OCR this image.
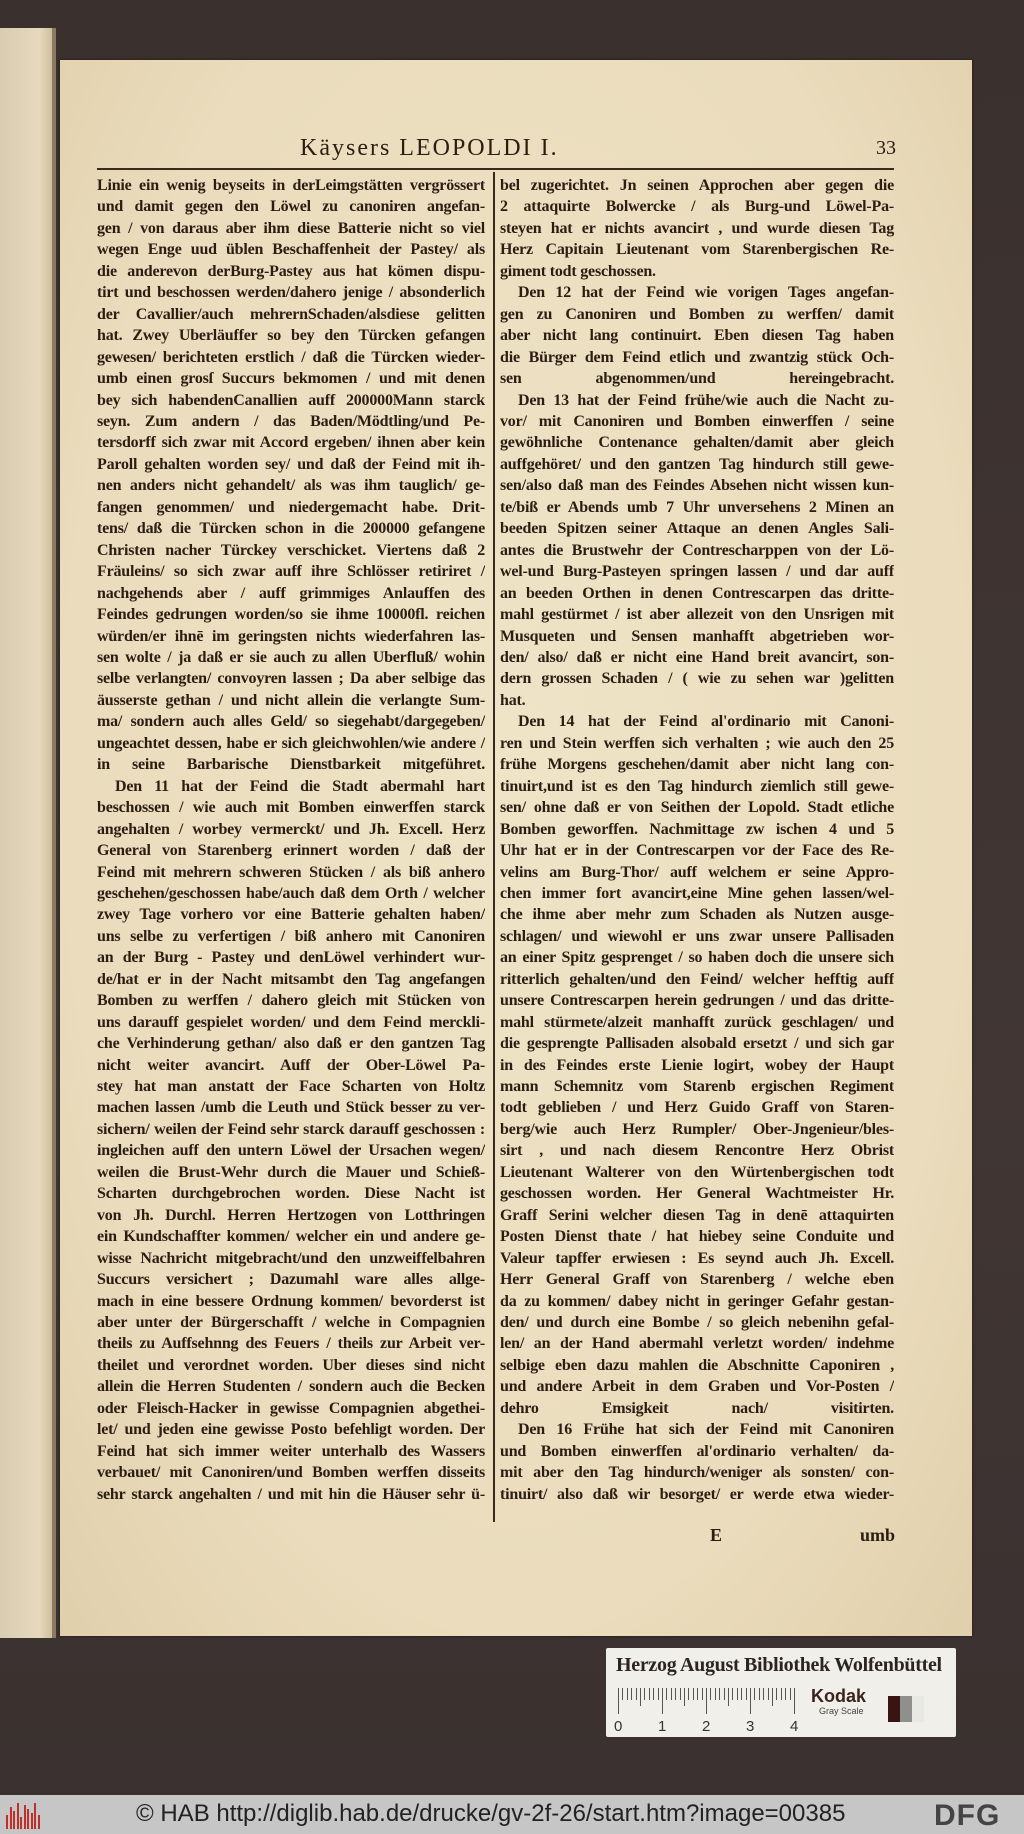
Käysers LEOPOLDI I.	33
Linie ein wenig beyseits in derLeimgstätten vergrössert
und damit gegen den Löwel zu canoniren angefan-
gen / von daraus aber ihm diese Batterie nicht so viel
wegen Enge uud üblen Beschaffenheit der Pastey/ als
die anderevon derBurg-Pastey aus hat kömen dispu-
tirt und beschossen werden/dahero jenige / absonderlich
der Cavallier/auch mehrernSchaden/alsdiese gelitten
hat. Zwey Uberläuffer so bey den Türcken gefangen
gewesen/ berichteten erstlich / daß die Türcken wieder-
umb einen grosſ Succurs bekmomen / und mit denen
bey sich habendenCanallien auff 200000Mann starck
seyn. Zum andern / das Baden/Mödtling/und Pe-
tersdorff sich zwar mit Accord ergeben/ ihnen aber kein
Paroll gehalten worden sey/ und daß der Feind mit ih-
nen anders nicht gehandelt/ als was ihm tauglich/ ge-
fangen genommen/ und niedergemacht habe. Drit-
tens/ daß die Türcken schon in die 200000 gefangene
Christen nacher Türckey verschicket. Viertens daß 2
Fräuleins/ so sich zwar auff ihre Schlösser retiriret /
nachgehends aber / auff grimmiges Anlauffen des
Feindes gedrungen worden/so sie ihme 10000fl. reichen
würden/er ihnē im geringsten nichts wiederfahren las-
sen wolte / ja daß er sie auch zu allen Uberfluß/ wohin
selbe verlangten/ convoyren lassen ; Da aber selbige das
äusserste gethan / und nicht allein die verlangte Sum-
ma/ sondern auch alles Geld/ so siegehabt/dargegeben/
ungeachtet dessen, habe er sich gleichwohlen/wie andere /
in seine Barbarische Dienstbarkeit mitgeführet.
Den 11 hat der Feind die Stadt abermahl hart
beschossen / wie auch mit Bomben einwerffen starck
angehalten / worbey vermerckt/ und Jh. Excell. Herz
General von Starenberg erinnert worden / daß der
Feind mit mehrern schweren Stücken / als biß anhero
geschehen/geschossen habe/auch daß dem Orth / welcher
zwey Tage vorhero vor eine Batterie gehalten haben/
uns selbe zu verfertigen / biß anhero mit Canoniren
an der Burg - Pastey und denLöwel verhindert wur-
de/hat er in der Nacht mitsambt den Tag angefangen
Bomben zu werffen / dahero gleich mit Stücken von
uns darauff gespielet worden/ und dem Feind merckli-
che Verhinderung gethan/ also daß er den gantzen Tag
nicht weiter avancirt. Auff der Ober-Löwel Pa-
stey hat man anstatt der Face Scharten von Holtz
machen lassen /umb die Leuth und Stück besser zu ver-
sichern/ weilen der Feind sehr starck darauff geschossen :
ingleichen auff den untern Löwel der Ursachen wegen/
weilen die Brust-Wehr durch die Mauer und Schieß-
Scharten durchgebrochen worden. Diese Nacht ist
von Jh. Durchl. Herren Hertzogen von Lotthringen
ein Kundschaffter kommen/ welcher ein und andere ge-
wisse Nachricht mitgebracht/und den unzweiffelbahren
Succurs versichert ; Dazumahl ware alles allge-
mach in eine bessere Ordnung kommen/ bevorderst ist
aber unter der Bürgerschafft / welche in Compagnien
theils zu Auffsehnng des Feuers / theils zur Arbeit ver-
theilet und verordnet worden. Uber dieses sind nicht
allein die Herren Studenten / sondern auch die Becken
oder Fleisch-Hacker in gewisse Compagnien abgethei-
let/ und jeden eine gewisse Posto befehligt worden. Der
Feind hat sich immer weiter unterhalb des Wassers
verbauet/ mit Canoniren/und Bomben werffen disseits
sehr starck angehalten / und mit hin die Häuser sehr ü-
bel zugerichtet. Jn seinen Approchen aber gegen die
2 attaquirte Bolwercke / als Burg-und Löwel-Pa-
steyen hat er nichts avancirt , und wurde diesen Tag
Herz Capitain Lieutenant vom Starenbergischen Re-
giment todt geschossen.
Den 12 hat der Feind wie vorigen Tages angefan-
gen zu Canoniren und Bomben zu werffen/ damit
aber nicht lang continuirt. Eben diesen Tag haben
die Bürger dem Feind etlich und zwantzig stück Och-
sen abgenommen/und hereingebracht.
Den 13 hat der Feind frühe/wie auch die Nacht zu-
vor/ mit Canoniren und Bomben einwerffen / seine
gewöhnliche Contenance gehalten/damit aber gleich
auffgehöret/ und den gantzen Tag hindurch still gewe-
sen/also daß man des Feindes Absehen nicht wissen kun-
te/biß er Abends umb 7 Uhr unversehens 2 Minen an
beeden Spitzen seiner Attaque an denen Angles Sali-
antes die Brustwehr der Contrescharppen von der Lö-
wel-und Burg-Pasteyen springen lassen / und dar auff
an beeden Orthen in denen Contrescarpen das dritte-
mahl gestürmet / ist aber allezeit von den Unsrigen mit
Musqueten und Sensen manhafft abgetrieben wor-
den/ also/ daß er nicht eine Hand breit avancirt, son-
dern grossen Schaden / ( wie zu sehen war )gelitten
hat.
Den 14 hat der Feind al'ordinario mit Canoni-
ren und Stein werffen sich verhalten ; wie auch den 25
frühe Morgens geschehen/damit aber nicht lang con-
tinuirt,und ist es den Tag hindurch ziemlich still gewe-
sen/ ohne daß er von Seithen der Lopold. Stadt etliche
Bomben geworffen. Nachmittage zw ischen 4 und 5
Uhr hat er in der Contrescarpen vor der Face des Re-
velins am Burg-Thor/ auff welchem er seine Appro-
chen immer fort avancirt,eine Mine gehen lassen/wel-
che ihme aber mehr zum Schaden als Nutzen ausge-
schlagen/ und wiewohl er uns zwar unsere Pallisaden
an einer Spitz gesprenget / so haben doch die unsere sich
ritterlich gehalten/und den Feind/ welcher hefftig auff
unsere Contrescarpen herein gedrungen / und das dritte-
mahl stürmete/alzeit manhafft zurück geschlagen/ und
die gesprengte Pallisaden alsobald ersetzt / und sich gar
in des Feindes erste Lienie logirt, wobey der Haupt
mann Schemnitz vom Starenb ergischen Regiment
todt geblieben / und Herz Guido Graff von Staren-
berg/wie auch Herz Rumpler/ Ober-Jngenieur/bles-
sirt , und nach diesem Rencontre Herz Obrist
Lieutenant Walterer von den Würtenbergischen todt
geschossen worden. Her General Wachtmeister Hr.
Graff Serini welcher diesen Tag in denē attaquirten
Posten Dienst thate / hat hiebey seine Conduite und
Valeur tapffer erwiesen : Es seynd auch Jh. Excell.
Herr General Graff von Starenberg / welche eben
da zu kommen/ dabey nicht in geringer Gefahr gestan-
den/ und durch eine Bombe / so gleich nebenihn gefal-
len/ an der Hand abermahl verletzt worden/ indehme
selbige eben dazu mahlen die Abschnitte Caponiren ,
und andere Arbeit in dem Graben und Vor-Posten /
dehro Emsigkeit nach/ visitirten.
Den 16 Frühe hat sich der Feind mit Canoniren
und Bomben einwerffen al'ordinario verhalten/ da-
mit aber den Tag hindurch/weniger als sonsten/ con-
tinuirt/ also daß wir besorget/ er werde etwa wieder-
E	umb
Herzog August Bibliothek Wolfenbüttel
0 1 2 3 4
Kodak
Gray Scale
© HAB http://diglib.hab.de/drucke/gv-2f-26/start.htm?image=00385	DFG
